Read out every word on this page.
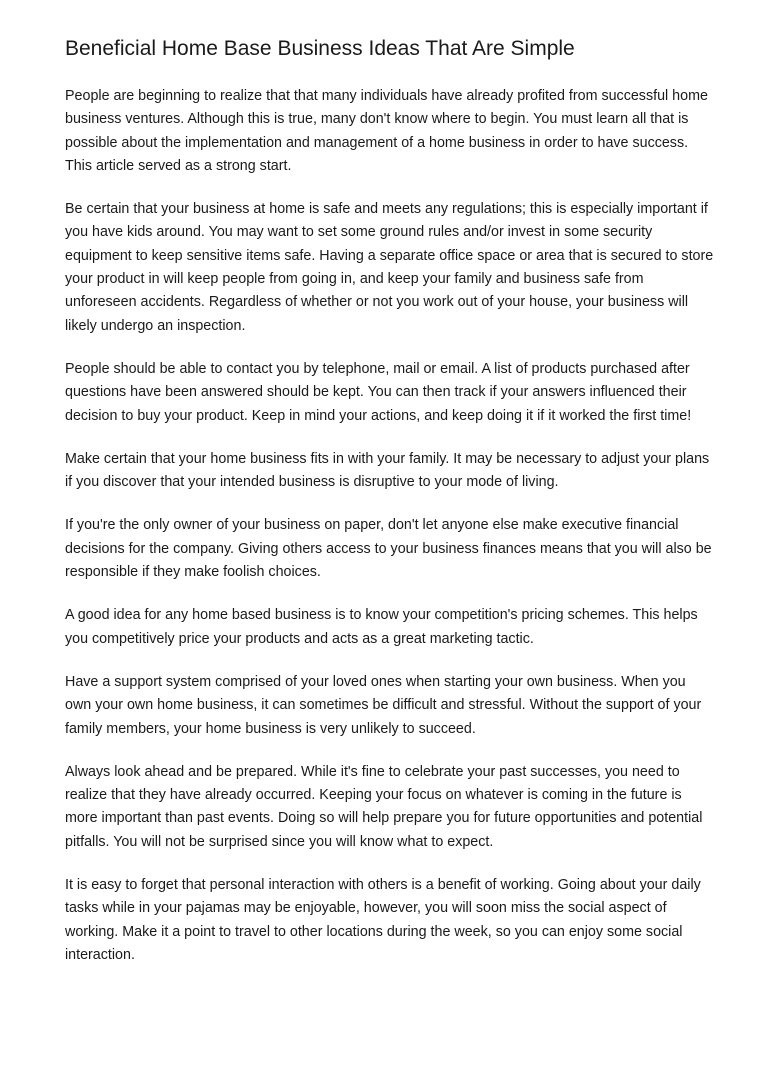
Beneficial Home Base Business Ideas That Are Simple

People are beginning to realize that that many individuals have already profited from successful home business ventures. Although this is true, many don't know where to begin. You must learn all that is possible about the implementation and management of a home business in order to have success. This article served as a strong start.

Be certain that your business at home is safe and meets any regulations; this is especially important if you have kids around. You may want to set some ground rules and/or invest in some security equipment to keep sensitive items safe. Having a separate office space or area that is secured to store your product in will keep people from going in, and keep your family and business safe from unforeseen accidents. Regardless of whether or not you work out of your house, your business will likely undergo an inspection.

People should be able to contact you by telephone, mail or email. A list of products purchased after questions have been answered should be kept. You can then track if your answers influenced their decision to buy your product. Keep in mind your actions, and keep doing it if it worked the first time!

Make certain that your home business fits in with your family. It may be necessary to adjust your plans if you discover that your intended business is disruptive to your mode of living.

If you're the only owner of your business on paper, don't let anyone else make executive financial decisions for the company. Giving others access to your business finances means that you will also be responsible if they make foolish choices.

A good idea for any home based business is to know your competition's pricing schemes. This helps you competitively price your products and acts as a great marketing tactic.

Have a support system comprised of your loved ones when starting your own business. When you own your own home business, it can sometimes be difficult and stressful. Without the support of your family members, your home business is very unlikely to succeed.

Always look ahead and be prepared. While it's fine to celebrate your past successes, you need to realize that they have already occurred. Keeping your focus on whatever is coming in the future is more important than past events. Doing so will help prepare you for future opportunities and potential pitfalls. You will not be surprised since you will know what to expect.

It is easy to forget that personal interaction with others is a benefit of working. Going about your daily tasks while in your pajamas may be enjoyable, however, you will soon miss the social aspect of working. Make it a point to travel to other locations during the week, so you can enjoy some social interaction.
